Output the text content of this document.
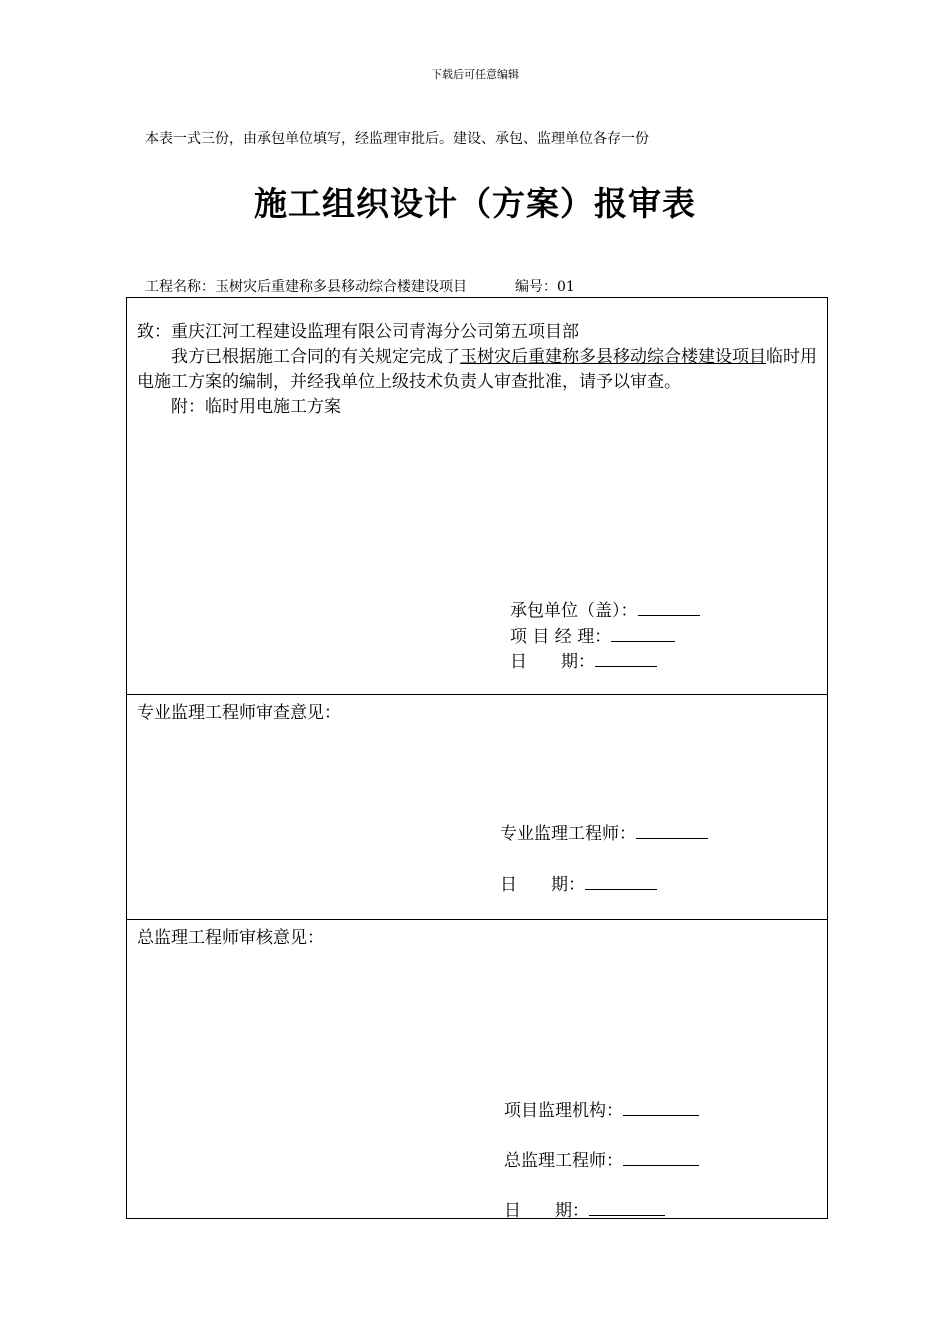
下载后可任意编辑
本表一式三份，由承包单位填写，经监理审批后。建设、承包、监理单位各存一份
施工组织设计（方案）报审表
工程名称：玉树灾后重建称多县移动综合楼建设项目	编号：01

致：重庆江河工程建设监理有限公司青海分公司第五项目部

我方已根据施工合同的有关规定完成了玉树灾后重建称多县移动综合楼建设项目临时用电施工方案的编制，并经我单位上级技术负责人审查批准，请予以审查。

附：临时用电施工方案

承包单位（盖）：
项 目 经 理：
日　　期：
专业监理工程师审查意见：
专业监理工程师：
日　　期：
总监理工程师审核意见：
项目监理机构：
总监理工程师：
日　　期：
